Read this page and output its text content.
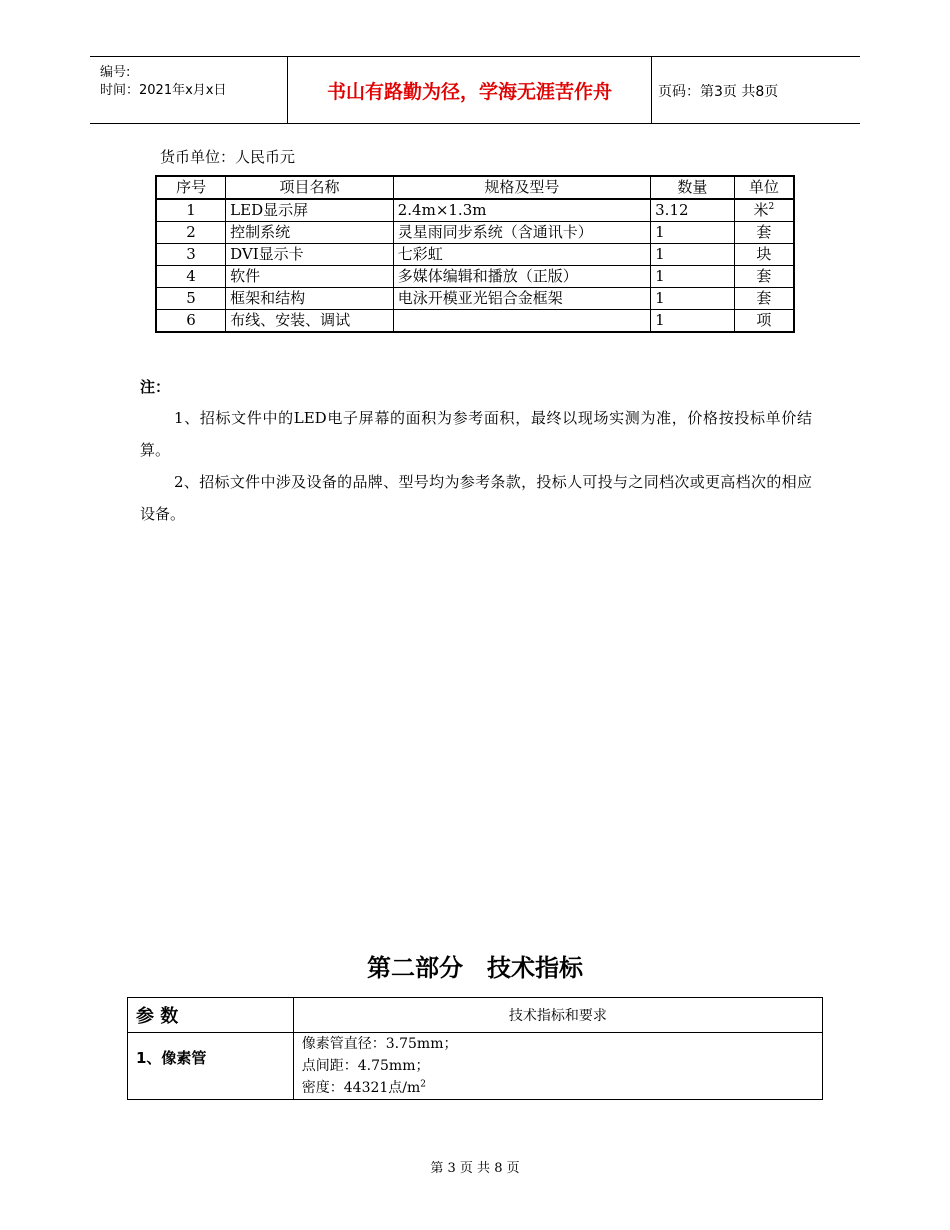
编号:
时间：2021年x月x日	书山有路勤为径，学海无涯苦作舟	页码：第3页 共8页
货币单位：人民币元
序号	项目名称	规格及型号	数量	单位
1	LED显示屏	2.4m×1.3m	3.12	米$^2$
2	控制系统	灵星雨同步系统（含通讯卡）	1	套
3	DVI显示卡	七彩虹	1	块
4	软件	多媒体编辑和播放（正版）	1	套
5	框架和结构	电泳开模亚光铝合金框架	1	套
6	布线、安装、调试		1	项
注：
1、招标文件中的LED电子屏幕的面积为参考面积，最终以现场实测为准，价格按投标单价结算。
2、招标文件中涉及设备的品牌、型号均为参考条款，投标人可投与之同档次或更高档次的相应设备。
第二部分　技术指标
参 数	技术指标和要求
1、像素管	像素管直径：3.75mm；
点间距：4.75mm；
密度：44321点$/m^2$
第 3 页 共 8 页
